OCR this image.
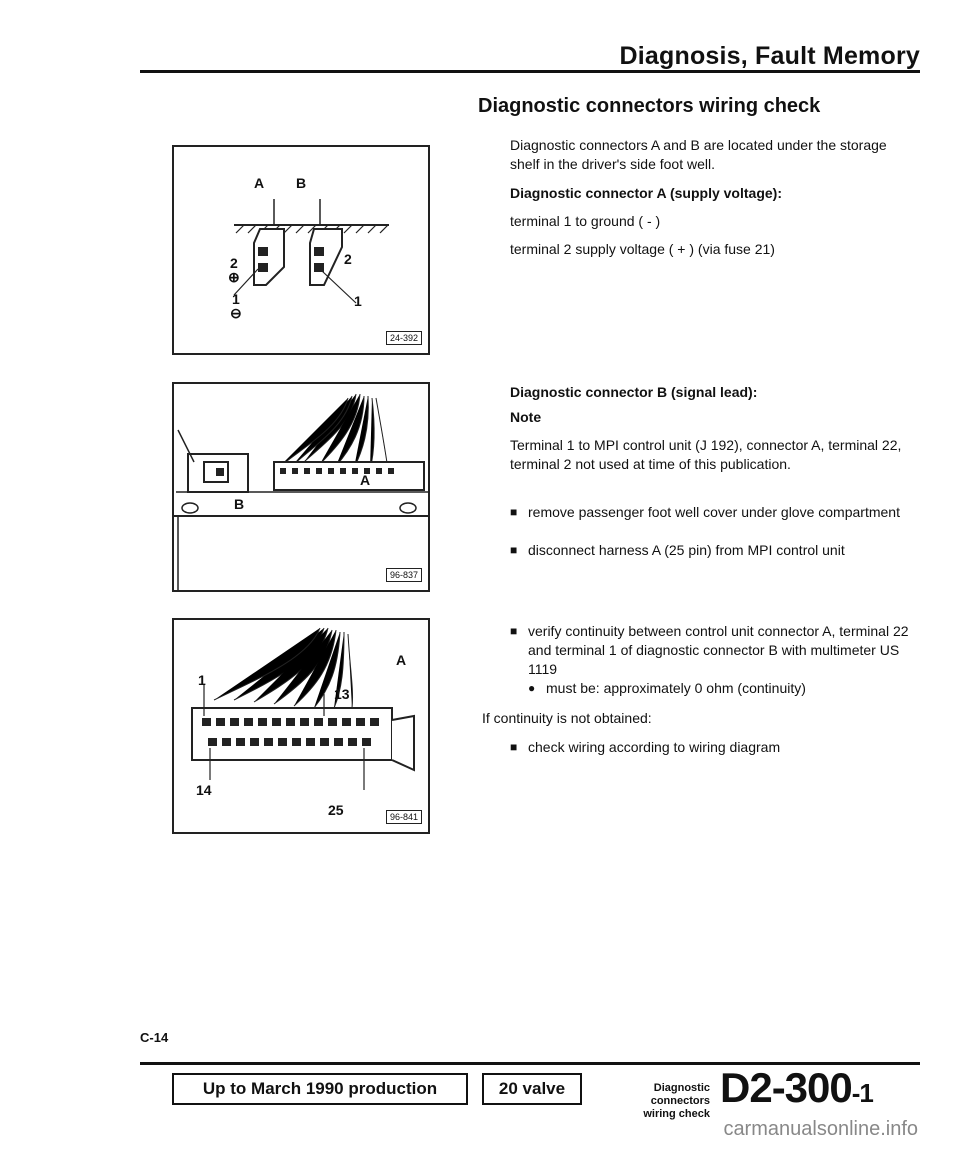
Diagnosis, Fault Memory
Diagnostic connectors wiring check
A B
2
⊕
2
1
⊖
1
24-392
A
B
96-837
A
1
13
14
25	96-841
Diagnostic connectors A and B are located under the storage shelf in the driver's side foot well.
Diagnostic connector A (supply voltage):
terminal 1 to ground ( - )
terminal 2 supply voltage ( + ) (via fuse 21)
Diagnostic connector B (signal lead):
Note
Terminal 1 to MPI control unit (J 192), connector A, terminal 22, terminal 2 not used at time of this publication.
■ remove passenger foot well cover under glove compartment
■ disconnect harness A (25 pin) from MPI control unit
■ verify continuity between control unit connector A, terminal 22 and terminal 1 of diagnostic connector B with multimeter US 1119
● must be: approximately 0 ohm (continuity)
If continuity is not obtained:
■ check wiring according to wiring diagram
C-14
Up to March 1990 production	20 valve	Diagnostic connectors
wiring check
D2-300-1
carmanualsonline.info
